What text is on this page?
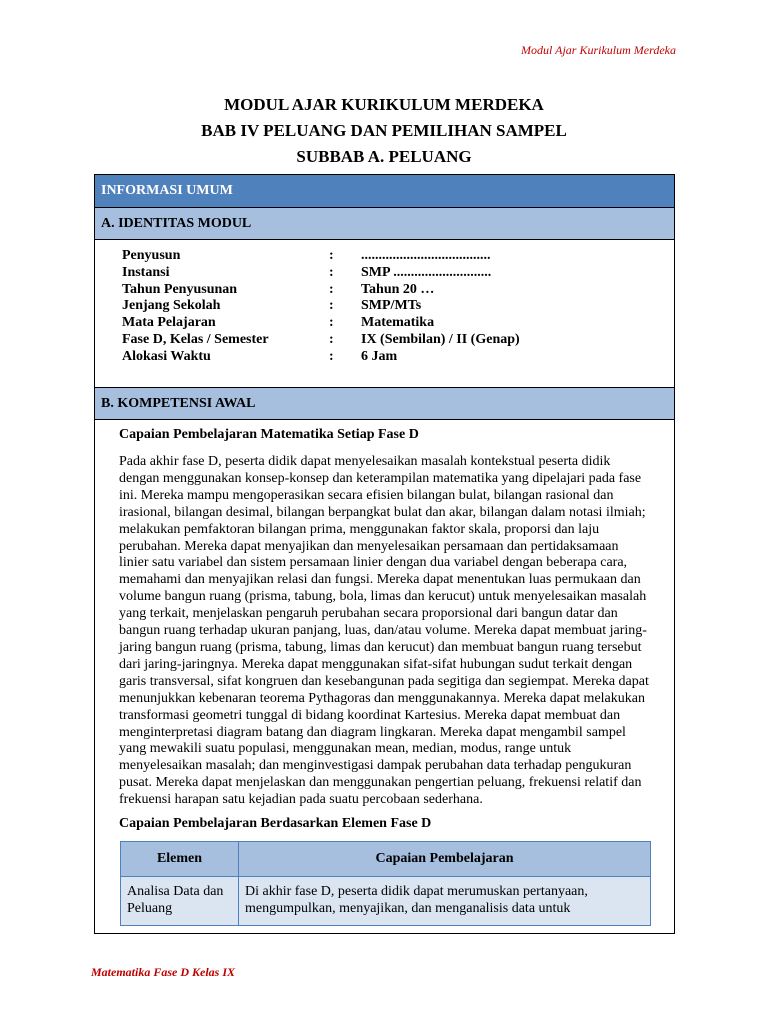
Modul Ajar Kurikulum Merdeka
MODUL AJAR KURIKULUM MERDEKA
BAB IV PELUANG DAN PEMILIHAN SAMPEL
SUBBAB A. PELUANG
INFORMASI UMUM
A. IDENTITAS MODUL
Penyusun	:	.....................................
Instansi	:	SMP ............................
Tahun Penyusunan	:	Tahun 20 …
Jenjang Sekolah	:	SMP/MTs
Mata Pelajaran	:	Matematika
Fase D, Kelas / Semester	:	IX (Sembilan) / II (Genap)
Alokasi Waktu	:	6 Jam
B. KOMPETENSI AWAL

Capaian Pembelajaran Matematika Setiap Fase D

Pada akhir fase D, peserta didik dapat menyelesaikan masalah kontekstual peserta didik dengan menggunakan konsep-konsep dan keterampilan matematika yang dipelajari pada fase ini. Mereka mampu mengoperasikan secara efisien bilangan bulat, bilangan rasional dan irasional, bilangan desimal, bilangan berpangkat bulat dan akar, bilangan dalam notasi ilmiah; melakukan pemfaktoran bilangan prima, menggunakan faktor skala, proporsi dan laju perubahan. Mereka dapat menyajikan dan menyelesaikan persamaan dan pertidaksamaan linier satu variabel dan sistem persamaan linier dengan dua variabel dengan beberapa cara, memahami dan menyajikan relasi dan fungsi. Mereka dapat menentukan luas permukaan dan volume bangun ruang (prisma, tabung, bola, limas dan kerucut) untuk menyelesaikan masalah yang terkait, menjelaskan pengaruh perubahan secara proporsional dari bangun datar dan bangun ruang terhadap ukuran panjang, luas, dan/atau volume. Mereka dapat membuat jaring-jaring bangun ruang (prisma, tabung, limas dan kerucut) dan membuat bangun ruang tersebut dari jaring-jaringnya. Mereka dapat menggunakan sifat-sifat hubungan sudut terkait dengan garis transversal, sifat kongruen dan kesebangunan pada segitiga dan segiempat. Mereka dapat menunjukkan kebenaran teorema Pythagoras dan menggunakannya. Mereka dapat melakukan transformasi geometri tunggal di bidang koordinat Kartesius. Mereka dapat membuat dan menginterpretasi diagram batang dan diagram lingkaran. Mereka dapat mengambil sampel yang mewakili suatu populasi, menggunakan mean, median, modus, range untuk menyelesaikan masalah; dan menginvestigasi dampak perubahan data terhadap pengukuran pusat. Mereka dapat menjelaskan dan menggunakan pengertian peluang, frekuensi relatif dan frekuensi harapan satu kejadian pada suatu percobaan sederhana.

Capaian Pembelajaran Berdasarkan Elemen Fase D

Elemen	Capaian Pembelajaran
Analisa Data dan Peluang	Di akhir fase D, peserta didik dapat merumuskan pertanyaan, mengumpulkan, menyajikan, dan menganalisis data untuk
Matematika Fase D Kelas IX
